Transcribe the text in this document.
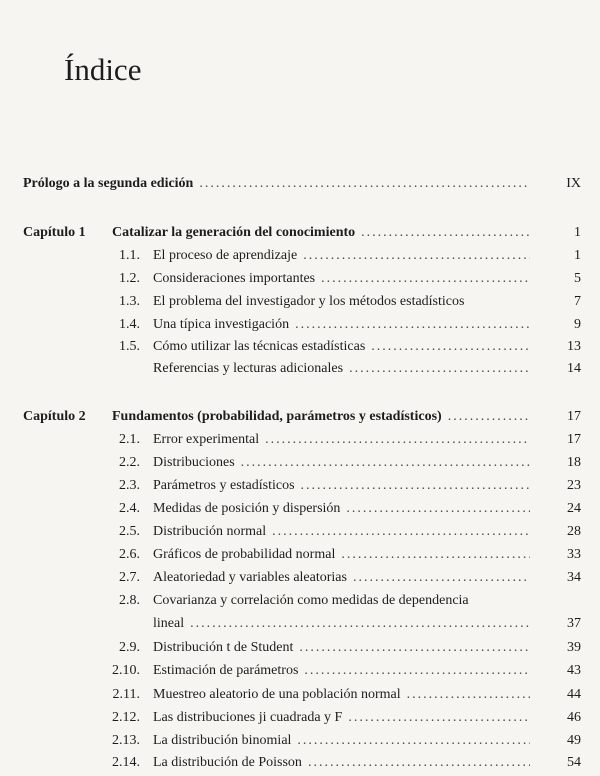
Índice
Prólogo a la segunda edición .....	IX
Capítulo 1 Catalizar la generación del conocimiento .....	1
1.1. El proceso de aprendizaje .....	1
1.2. Consideraciones importantes .....	5
1.3. El problema del investigador y los métodos estadísticos	7
1.4. Una típica investigación .....	9
1.5. Cómo utilizar las técnicas estadísticas .....	13
Referencias y lecturas adicionales .....	14
Capítulo 2 Fundamentos (probabilidad, parámetros y estadísticos) .....	17
2.1. Error experimental .....	17
2.2. Distribuciones .....	18
2.3. Parámetros y estadísticos .....	23
2.4. Medidas de posición y dispersión .....	24
2.5. Distribución normal .....	28
2.6. Gráficos de probabilidad normal .....	33
2.7. Aleatoriedad y variables aleatorias .....	34
2.8. Covarianza y correlación como medidas de dependencia
lineal .....	37
2.9. Distribución t de Student .....	39
2.10. Estimación de parámetros .....	43
2.11. Muestreo aleatorio de una población normal .....	44
2.12. Las distribuciones ji cuadrada y F .....	46
2.13. La distribución binomial .....	49
2.14. La distribución de Poisson .....	54
